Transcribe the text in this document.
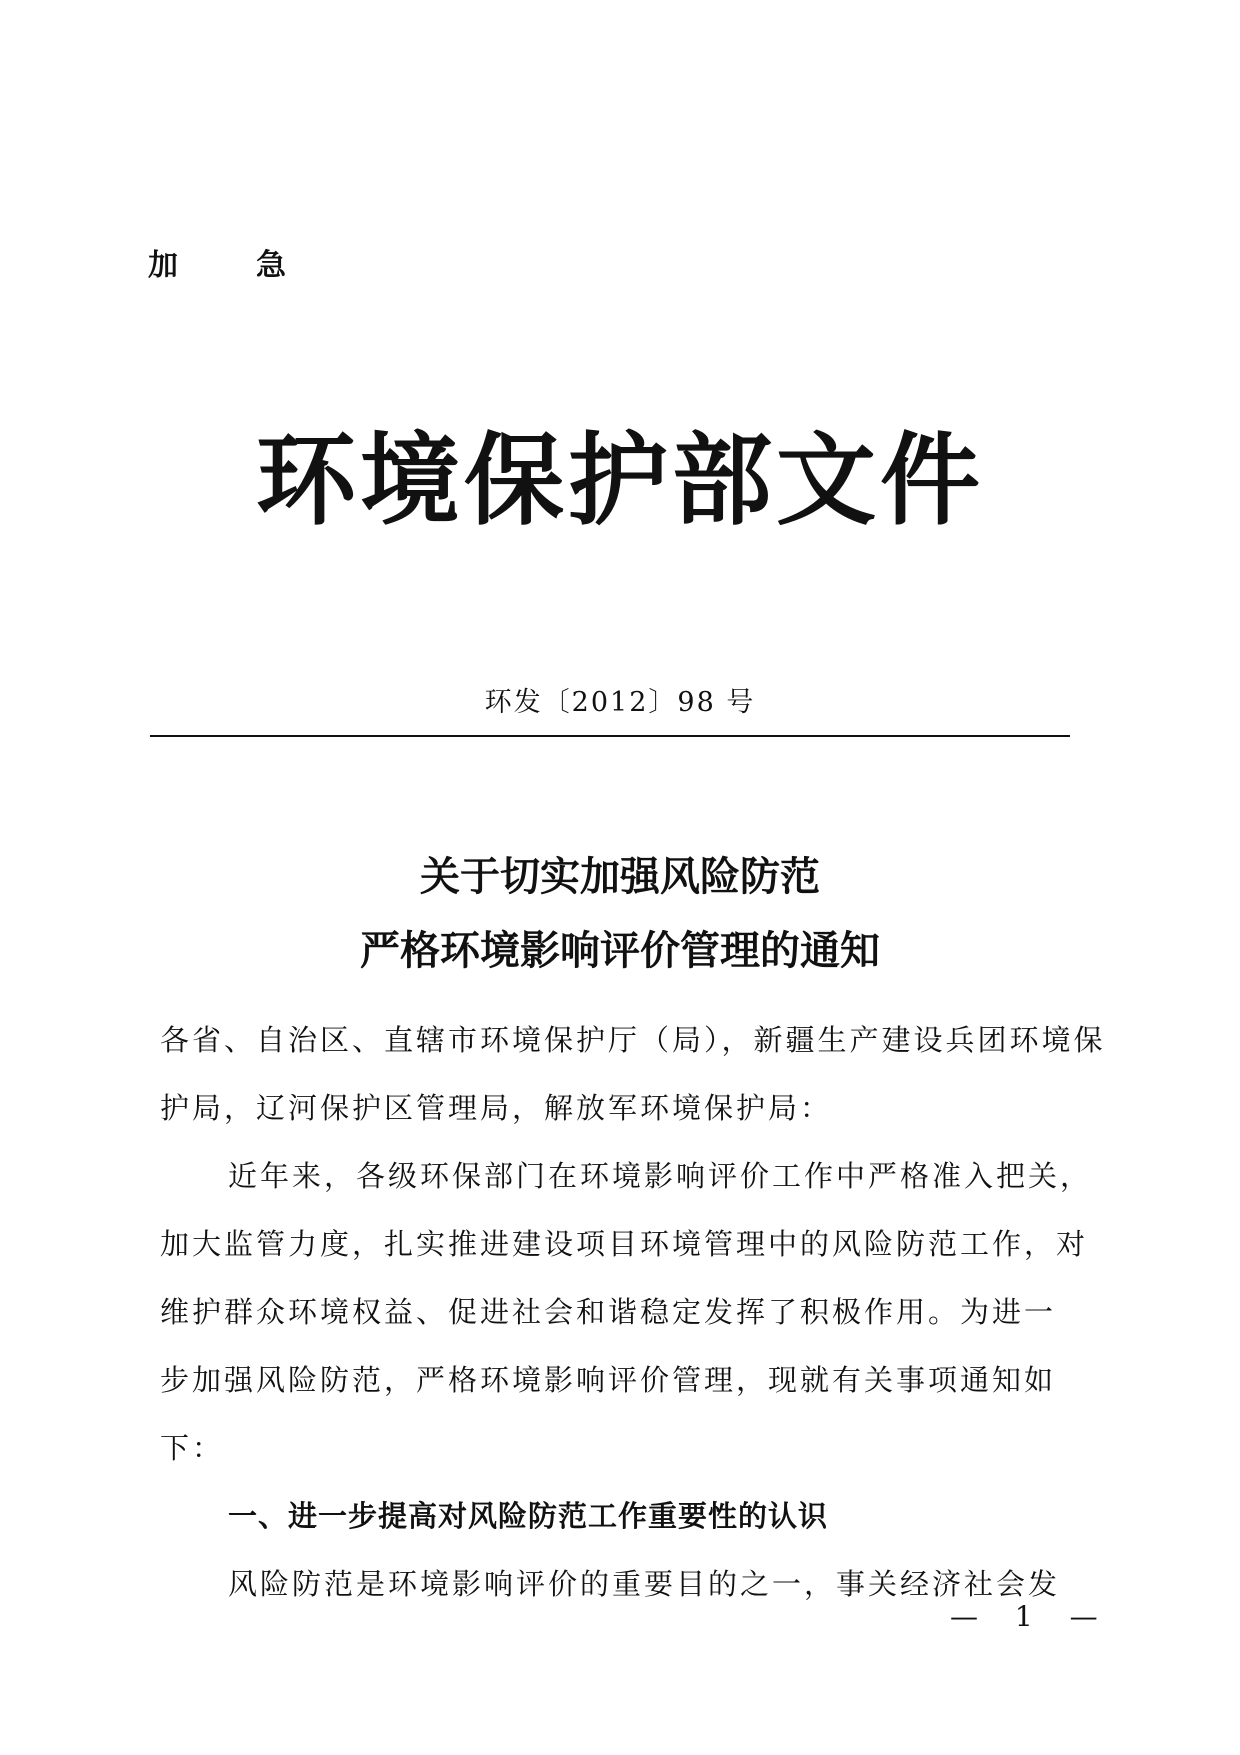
加　急
环境保护部文件
环发〔2012〕98 号
关于切实加强风险防范
严格环境影响评价管理的通知
各省、自治区、直辖市环境保护厅（局），新疆生产建设兵团环境保
护局，辽河保护区管理局，解放军环境保护局：
近年来，各级环保部门在环境影响评价工作中严格准入把关，
加大监管力度，扎实推进建设项目环境管理中的风险防范工作，对
维护群众环境权益、促进社会和谐稳定发挥了积极作用。为进一
步加强风险防范，严格环境影响评价管理，现就有关事项通知如
下：
一、进一步提高对风险防范工作重要性的认识
风险防范是环境影响评价的重要目的之一，事关经济社会发
— 1 —
